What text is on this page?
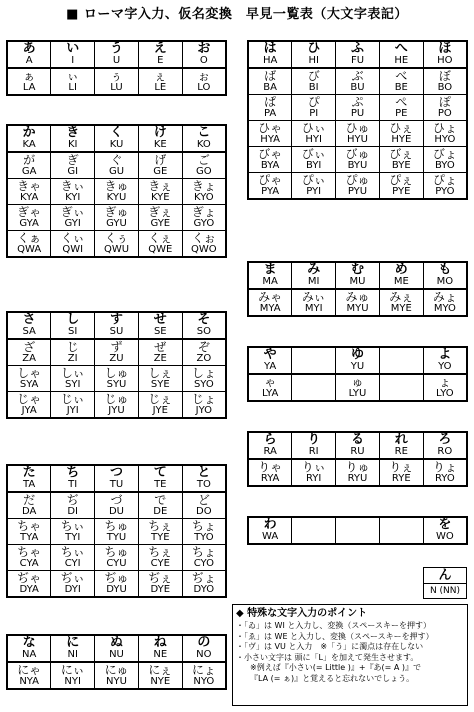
■ ローマ字入力、仮名変換　早見一覧表（大文字表記）
あ	い	う	え	お
A	I	U	E	O
ぁ	ぃ	ぅ	ぇ	ぉ
LA	LI	LU	LE	LO
か	き	く	け	こ
KA	KI	KU	KE	KO
が	ぎ	ぐ	げ	ご
GA	GI	GU	GE	GO
きゃ	きぃ	きゅ	きぇ	きょ
KYA	KYI	KYU	KYE	KYO
ぎゃ	ぎぃ	ぎゅ	ぎぇ	ぎょ
GYA	GYI	GYU	GYE	GYO
くぁ	くぃ	くぅ	くぇ	くぉ
QWA	QWI	QWU	QWE	QWO
さ	し	す	せ	そ
SA	SI	SU	SE	SO
ざ	じ	ず	ぜ	ぞ
ZA	ZI	ZU	ZE	ZO
しゃ	しぃ	しゅ	しぇ	しょ
SYA	SYI	SYU	SYE	SYO
じゃ	じぃ	じゅ	じぇ	じょ
JYA	JYI	JYU	JYE	JYO
た	ち	つ	て	と
TA	TI	TU	TE	TO
だ	ぢ	づ	で	ど
DA	DI	DU	DE	DO
ちゃ	ちぃ	ちゅ	ちぇ	ちょ
TYA	TYI	TYU	TYE	TYO
ちゃ	ちぃ	ちゅ	ちぇ	ちょ
CYA	CYI	CYU	CYE	CYO
ぢゃ	ぢぃ	ぢゅ	ぢぇ	ぢょ
DYA	DYI	DYU	DYE	DYO
な	に	ぬ	ね	の
NA	NI	NU	NE	NO
にゃ	にぃ	にゅ	にぇ	にょ
NYA	NYI	NYU	NYE	NYO
は	ひ	ふ	へ	ほ
HA	HI	FU	HE	HO
ば	び	ぶ	べ	ぼ
BA	BI	BU	BE	BO
ぱ	ぴ	ぷ	ぺ	ぽ
PA	PI	PU	PE	PO
ひゃ	ひぃ	ひゅ	ひぇ	ひょ
HYA	HYI	HYU	HYE	HYO
びゃ	びぃ	びゅ	びぇ	びょ
BYA	BYI	BYU	BYE	BYO
ぴゃ	ぴぃ	ぴゅ	ぴぇ	ぴょ
PYA	PYI	PYU	PYE	PYO
ま	み	む	め	も
MA	MI	MU	ME	MO
みゃ	みぃ	みゅ	みぇ	みょ
MYA	MYI	MYU	MYE	MYO
や		ゆ		よ
YA		YU		YO
ゃ		ゅ		ょ
LYA		LYU		LYO
ら	り	る	れ	ろ
RA	RI	RU	RE	RO
りゃ	りぃ	りゅ	りぇ	りょ
RYA	RYI	RYU	RYE	RYO
わ				を
WA				WO
ん
N (NN)
◆ 特殊な文字入力のポイント
・「ゐ」は WI と入力し、変換（スペースキーを押す）
・「ゑ」は WE と入力し、変換（スペースキーを押す）
・「ヴ」は VU と入力　※「う」に濁点は存在しない
・小さい文字は 頭に「L」を加えて発生させます。
※例えば『小さい(= Little )』+『あ(= A )』で
『LA (= ぁ)』と覚えると忘れないでしょう。
